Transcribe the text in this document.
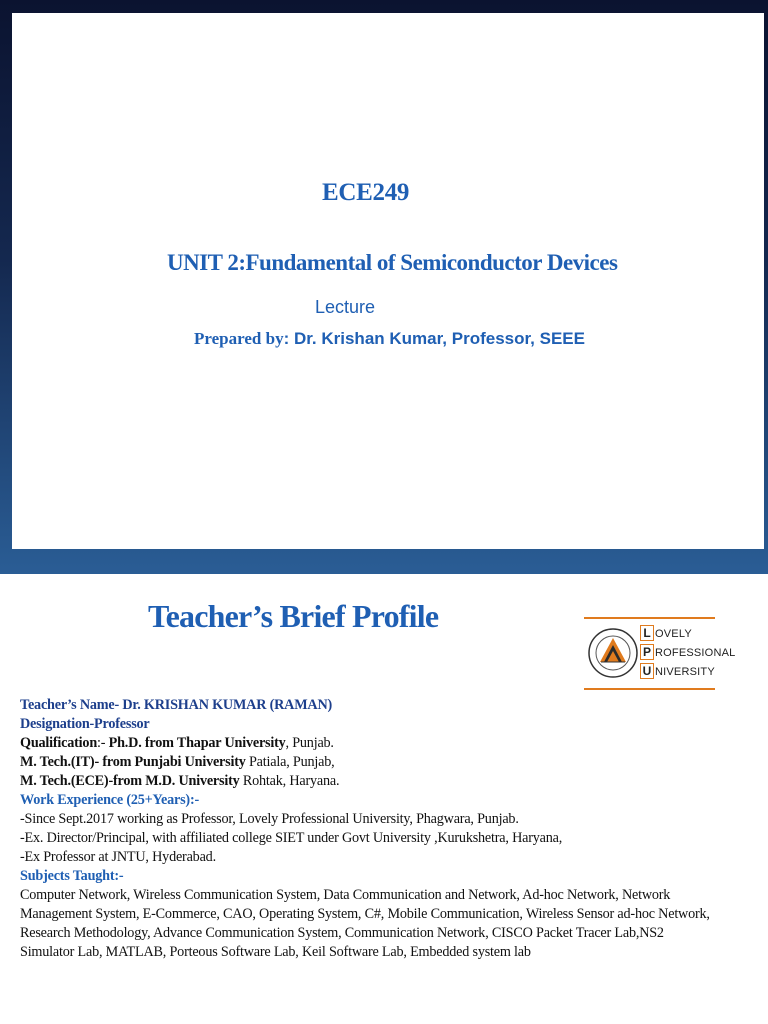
ECE249
UNIT 2:Fundamental of Semiconductor Devices
Lecture
Prepared by: Dr. Krishan Kumar, Professor, SEEE
Teacher’s Brief Profile	L OVELY
P ROFESSIONAL
U NIVERSITY
Teacher’s Name- Dr. KRISHAN KUMAR (RAMAN)
Designation-Professor
Qualification:- Ph.D. from Thapar University, Punjab.
M. Tech.(IT)- from Punjabi University Patiala, Punjab,
M. Tech.(ECE)-from M.D. University Rohtak, Haryana.
Work Experience (25+Years):-
-Since Sept.2017 working as Professor, Lovely Professional University, Phagwara, Punjab.
-Ex. Director/Principal, with affiliated college SIET under Govt University ,Kurukshetra, Haryana,
-Ex Professor at JNTU, Hyderabad.
Subjects Taught:-
Computer Network, Wireless Communication System, Data Communication and Network, Ad-hoc Network, Network
Management System, E-Commerce, CAO, Operating System, C#, Mobile Communication, Wireless Sensor ad-hoc Network,
Research Methodology, Advance Communication System, Communication Network, CISCO Packet Tracer Lab,NS2
Simulator Lab, MATLAB, Porteous Software Lab, Keil Software Lab, Embedded system lab
